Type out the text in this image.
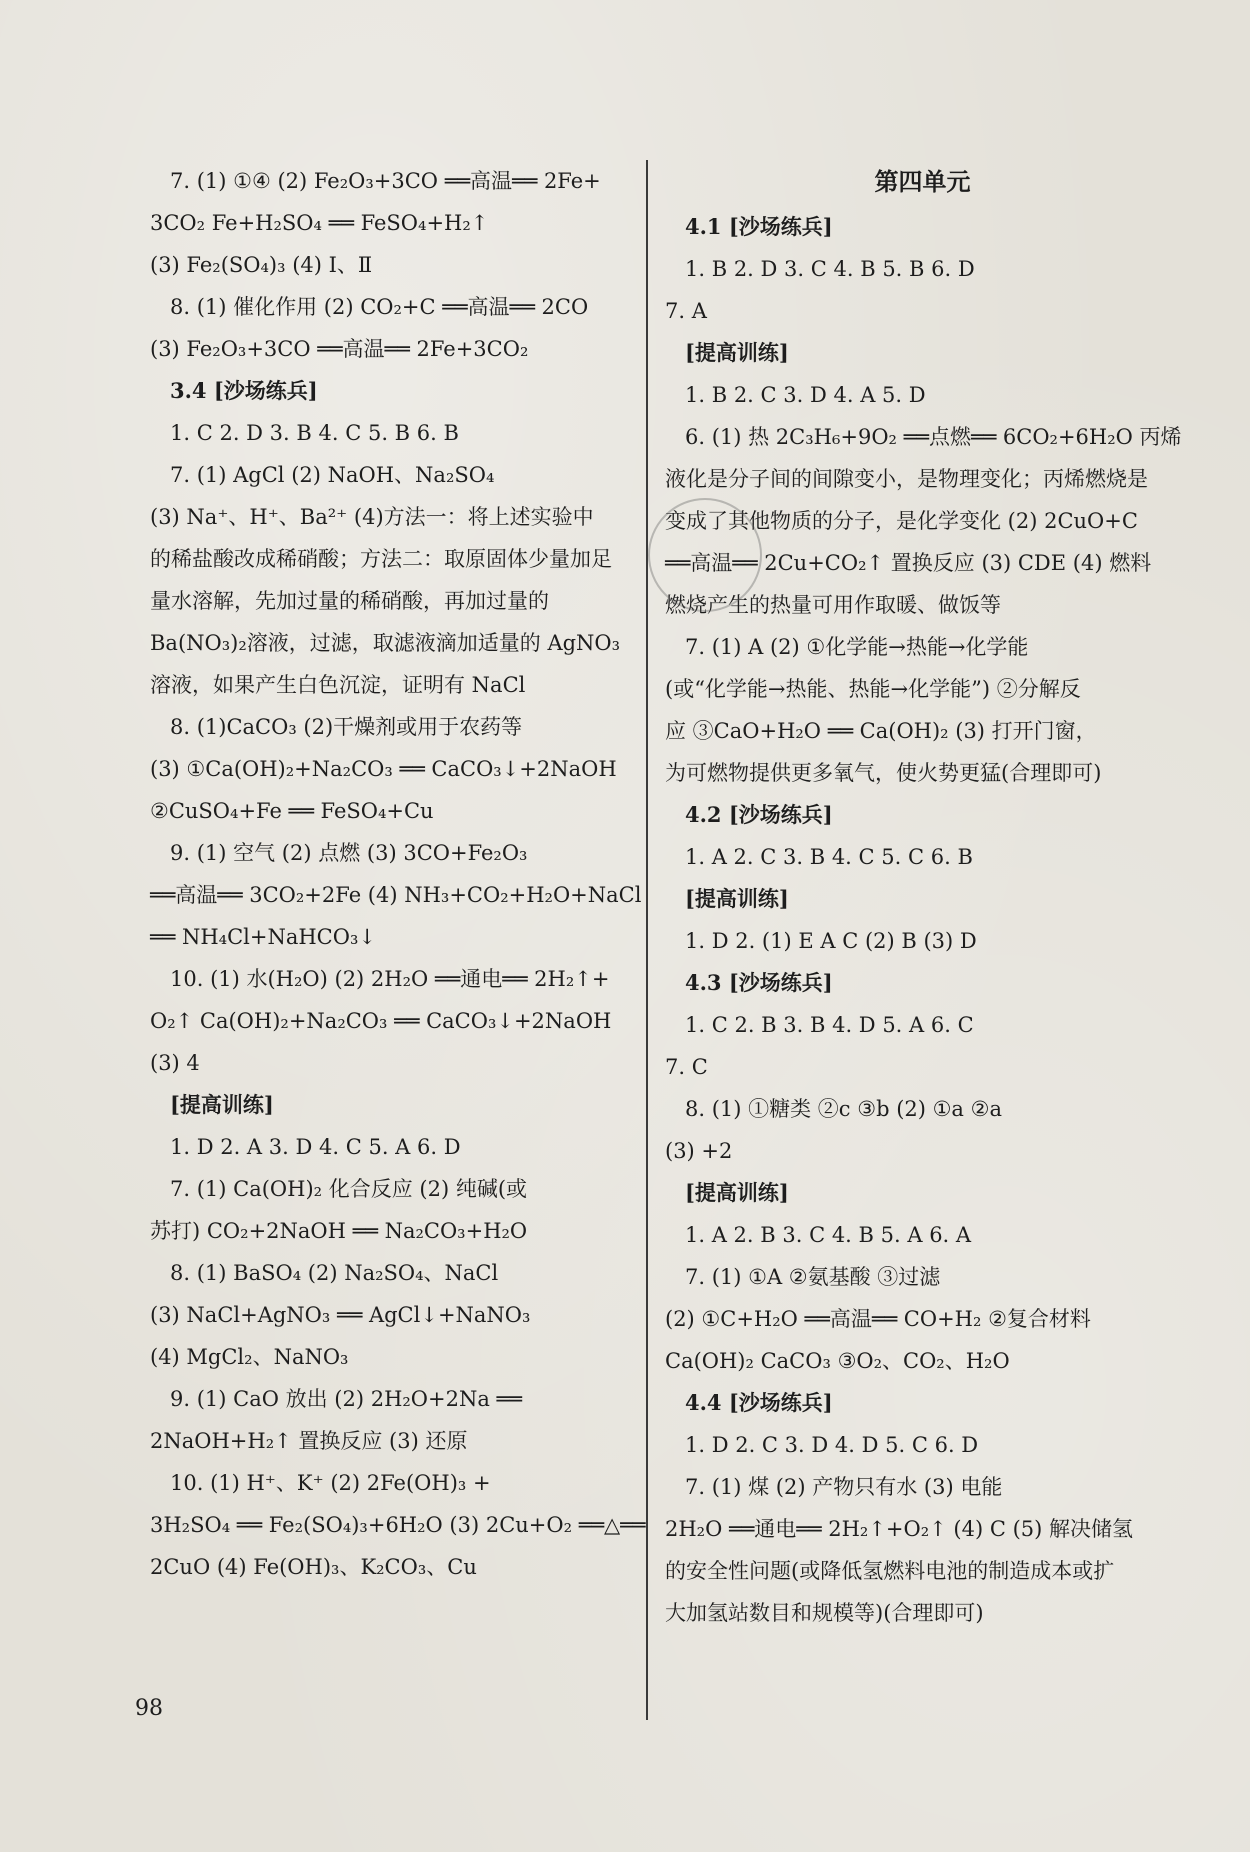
7. (1) ①④ (2) Fe₂O₃+3CO ══高温══ 2Fe+
3CO₂ Fe+H₂SO₄ ══ FeSO₄+H₂↑
(3) Fe₂(SO₄)₃ (4) Ⅰ、Ⅱ
8. (1) 催化作用 (2) CO₂+C ══高温══ 2CO
(3) Fe₂O₃+3CO ══高温══ 2Fe+3CO₂
3.4 [沙场练兵]
1. C 2. D 3. B 4. C 5. B 6. B
7. (1) AgCl (2) NaOH、Na₂SO₄
(3) Na⁺、H⁺、Ba²⁺ (4)方法一：将上述实验中
的稀盐酸改成稀硝酸；方法二：取原固体少量加足
量水溶解，先加过量的稀硝酸，再加过量的
Ba(NO₃)₂溶液，过滤，取滤液滴加适量的 AgNO₃
溶液，如果产生白色沉淀，证明有 NaCl
8. (1)CaCO₃ (2)干燥剂或用于农药等
(3) ①Ca(OH)₂+Na₂CO₃ ══ CaCO₃↓+2NaOH
②CuSO₄+Fe ══ FeSO₄+Cu
9. (1) 空气 (2) 点燃 (3) 3CO+Fe₂O₃
══高温══ 3CO₂+2Fe (4) NH₃+CO₂+H₂O+NaCl
══ NH₄Cl+NaHCO₃↓
10. (1) 水(H₂O) (2) 2H₂O ══通电══ 2H₂↑+
O₂↑ Ca(OH)₂+Na₂CO₃ ══ CaCO₃↓+2NaOH
(3) 4
[提高训练]
1. D 2. A 3. D 4. C 5. A 6. D
7. (1) Ca(OH)₂ 化合反应 (2) 纯碱(或
苏打) CO₂+2NaOH ══ Na₂CO₃+H₂O
8. (1) BaSO₄ (2) Na₂SO₄、NaCl
(3) NaCl+AgNO₃ ══ AgCl↓+NaNO₃
(4) MgCl₂、NaNO₃
9. (1) CaO 放出 (2) 2H₂O+2Na ══
2NaOH+H₂↑ 置换反应 (3) 还原
10. (1) H⁺、K⁺ (2) 2Fe(OH)₃ +
3H₂SO₄ ══ Fe₂(SO₄)₃+6H₂O (3) 2Cu+O₂ ══△══
2CuO (4) Fe(OH)₃、K₂CO₃、Cu
第四单元
4.1 [沙场练兵]
1. B 2. D 3. C 4. B 5. B 6. D
7. A
[提高训练]
1. B 2. C 3. D 4. A 5. D
6. (1) 热 2C₃H₆+9O₂ ══点燃══ 6CO₂+6H₂O 丙烯
液化是分子间的间隙变小，是物理变化；丙烯燃烧是
变成了其他物质的分子，是化学变化 (2) 2CuO+C
══高温══ 2Cu+CO₂↑ 置换反应 (3) CDE (4) 燃料
燃烧产生的热量可用作取暖、做饭等
7. (1) A (2) ①化学能→热能→化学能
(或“化学能→热能、热能→化学能”) ②分解反
应 ③CaO+H₂O ══ Ca(OH)₂ (3) 打开门窗，
为可燃物提供更多氧气，使火势更猛(合理即可)
4.2 [沙场练兵]
1. A 2. C 3. B 4. C 5. C 6. B
[提高训练]
1. D 2. (1) E A C (2) B (3) D
4.3 [沙场练兵]
1. C 2. B 3. B 4. D 5. A 6. C
7. C
8. (1) ①糖类 ②c ③b (2) ①a ②a
(3) +2
[提高训练]
1. A 2. B 3. C 4. B 5. A 6. A
7. (1) ①A ②氨基酸 ③过滤
(2) ①C+H₂O ══高温══ CO+H₂ ②复合材料
Ca(OH)₂ CaCO₃ ③O₂、CO₂、H₂O
4.4 [沙场练兵]
1. D 2. C 3. D 4. D 5. C 6. D
7. (1) 煤 (2) 产物只有水 (3) 电能
2H₂O ══通电══ 2H₂↑+O₂↑ (4) C (5) 解决储氢
的安全性问题(或降低氢燃料电池的制造成本或扩
大加氢站数目和规模等)(合理即可)
98
